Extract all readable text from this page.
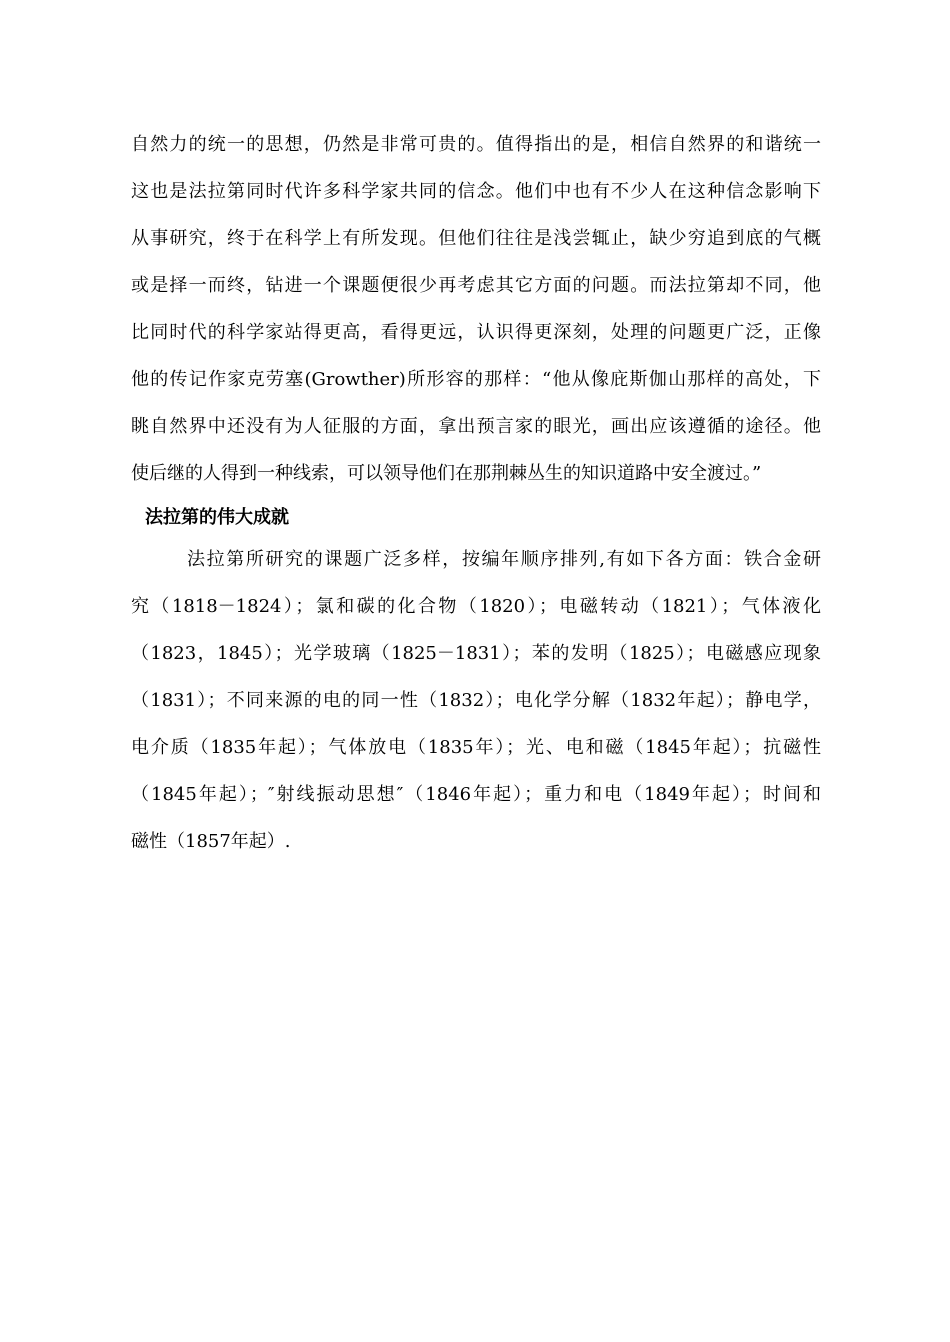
自然力的统一的思想，仍然是非常可贵的。值得指出的是，相信自然界的和谐统一
这也是法拉第同时代许多科学家共同的信念。他们中也有不少人在这种信念影响下
从事研究，终于在科学上有所发现。但他们往往是浅尝辄止，缺少穷追到底的气概
或是择一而终，钻进一个课题便很少再考虑其它方面的问题。而法拉第却不同，他
比同时代的科学家站得更高，看得更远，认识得更深刻，处理的问题更广泛，正像
他的传记作家克劳塞(Growther)所形容的那样：“他从像庇斯伽山那样的高处，下
眺自然界中还没有为人征服的方面，拿出预言家的眼光，画出应该遵循的途径。他
使后继的人得到一种线索，可以领导他们在那荆棘丛生的知识道路中安全渡过。”
法拉第的伟大成就
法拉第所研究的课题广泛多样，按编年顺序排列,有如下各方面：铁合金研
究（1818－1824）；氯和碳的化合物（1820）；电磁转动（1821）；气体液化
（1823，1845）；光学玻璃（1825－1831）；苯的发明（1825）；电磁感应现象
（1831）；不同来源的电的同一性（1832）；电化学分解（1832年起）；静电学，
电介质（1835年起）；气体放电（1835年）；光、电和磁（1845年起）；抗磁性
（1845年起）；″射线振动思想″（1846年起）；重力和电（1849年起）；时间和
磁性（1857年起）.
